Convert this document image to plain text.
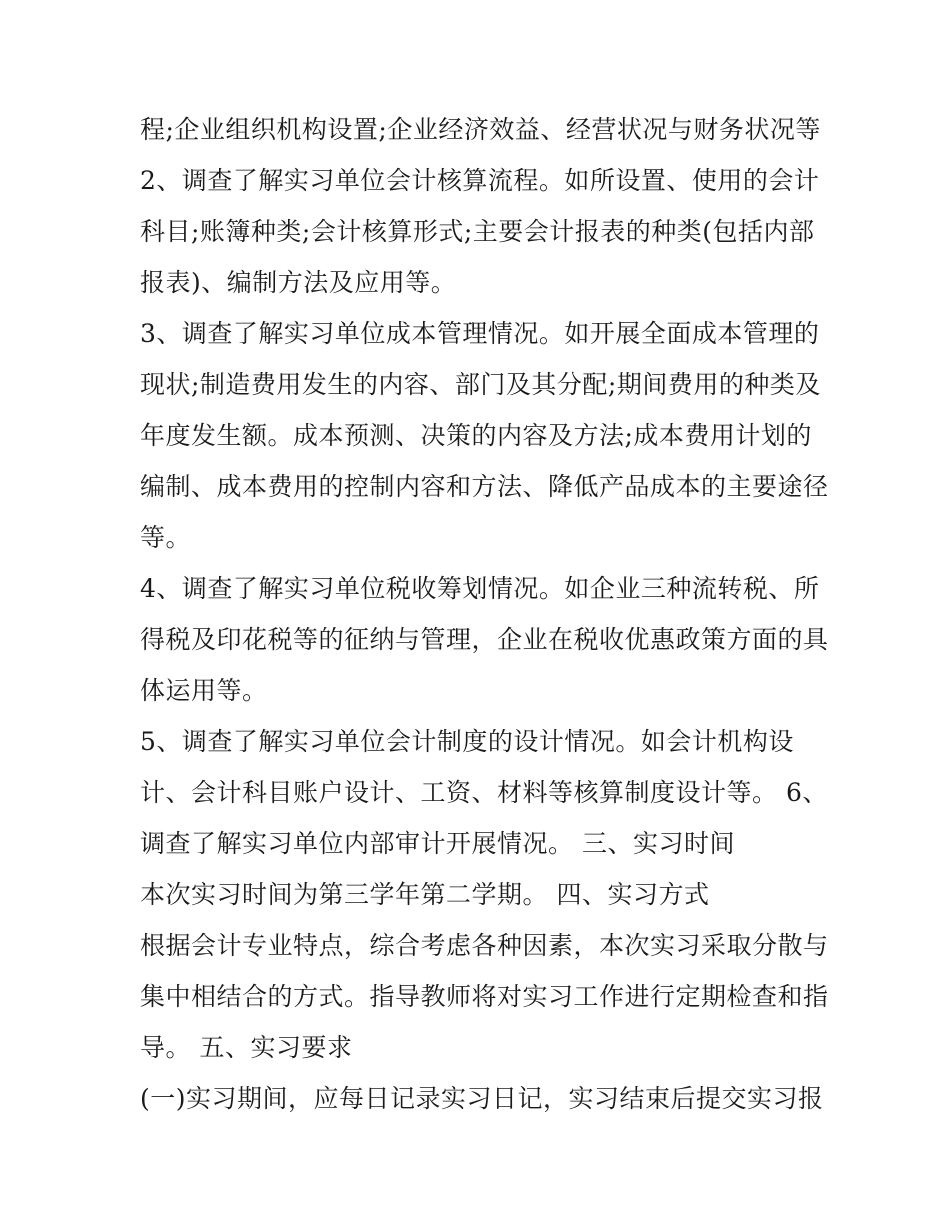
程;企业组织机构设置;企业经济效益、经营状况与财务状况等
2、调查了解实习单位会计核算流程。如所设置、使用的会计
科目;账簿种类;会计核算形式;主要会计报表的种类(包括内部
报表)、编制方法及应用等。
3、调查了解实习单位成本管理情况。如开展全面成本管理的
现状;制造费用发生的内容、部门及其分配;期间费用的种类及
年度发生额。成本预测、决策的内容及方法;成本费用计划的
编制、成本费用的控制内容和方法、降低产品成本的主要途径
等。
4、调查了解实习单位税收筹划情况。如企业三种流转税、所
得税及印花税等的征纳与管理，企业在税收优惠政策方面的具
体运用等。
5、调查了解实习单位会计制度的设计情况。如会计机构设
计、会计科目账户设计、工资、材料等核算制度设计等。 6、
调查了解实习单位内部审计开展情况。 三、实习时间
本次实习时间为第三学年第二学期。 四、实习方式
根据会计专业特点，综合考虑各种因素，本次实习采取分散与
集中相结合的方式。指导教师将对实习工作进行定期检查和指
导。 五、实习要求
(一)实习期间，应每日记录实习日记，实习结束后提交实习报
